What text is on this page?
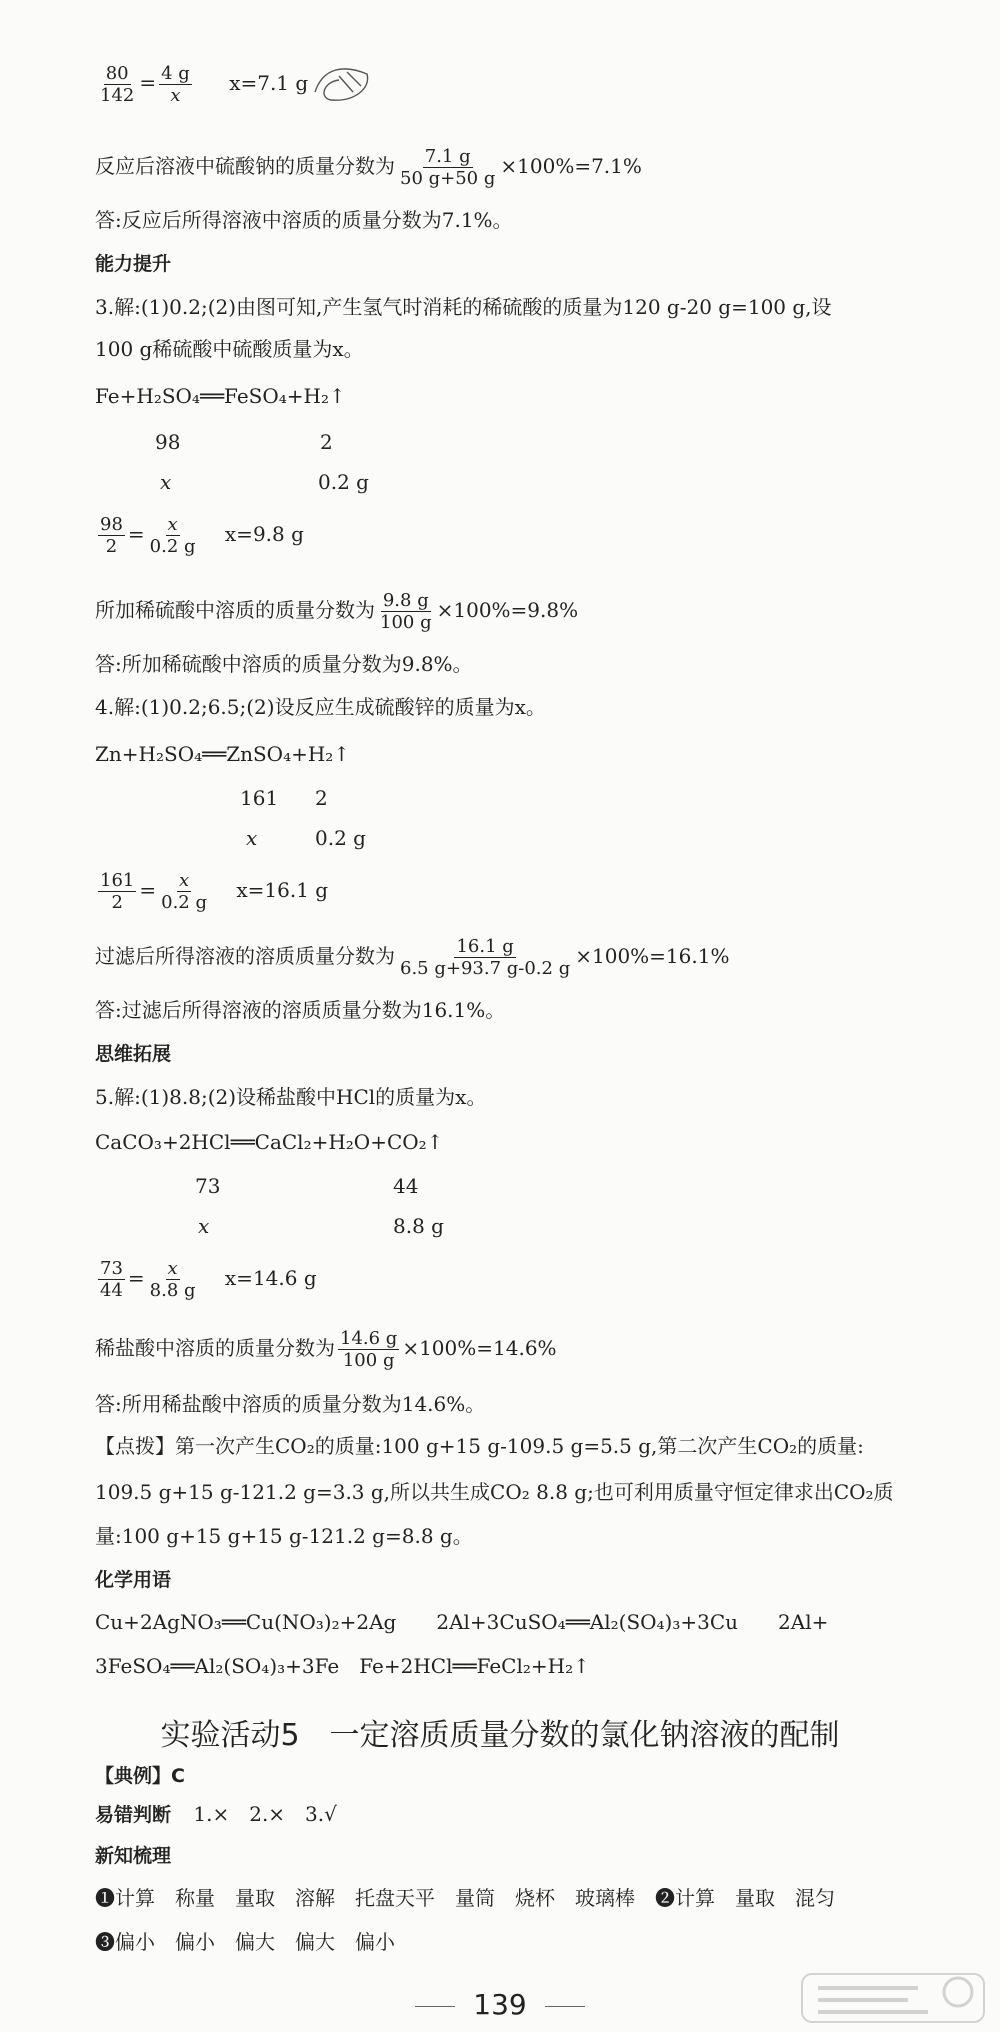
$\frac{80}{142} = \frac{4 g}{x} x=7.1$ g
反应后溶液中硫酸钠的质量分数为 $\frac{7.1 g}{50 g+50 g} \times 100\%=7.1\%$
答:反应后所得溶液中溶质的质量分数为7.1%。
能力提升
3.解:(1)0.2;(2)由图可知,产生氢气时消耗的稀硫酸的质量为120 g-20 g=100 g,设
100 g稀硫酸中硫酸质量为x。
Fe+H₂SO₄══FeSO₄+H₂↑
98	2
x	0.2 g
$\frac{98}{2} = \frac{x}{0.2 g} x=9.8$ g
所加稀硫酸中溶质的质量分数为 $\frac{9.8 g}{100 g} \times 100\%=9.8\%$
答:所加稀硫酸中溶质的质量分数为9.8%。
4.解:(1)0.2;6.5;(2)设反应生成硫酸锌的质量为x。
Zn+H₂SO₄══ZnSO₄+H₂↑
161 2
x	0.2 g
$\frac{161}{2} = \frac{x}{0.2 g} x=16.1$ g
过滤后所得溶液的溶质质量分数为 $\frac{16.1 g}{6.5 g+93.7 g-0.2 g} \times 100\%=16.1\%$
答:过滤后所得溶液的溶质质量分数为16.1%。
思维拓展
5.解:(1)8.8;(2)设稀盐酸中HCl的质量为x。
CaCO₃+2HCl══CaCl₂+H₂O+CO₂↑
73	44
x	8.8 g
$\frac{73}{44} = \frac{x}{8.8 g} x=14.6$ g
稀盐酸中溶质的质量分数为 $\frac{14.6 g}{100 g} \times 100\%=14.6\%$
答:所用稀盐酸中溶质的质量分数为14.6%。
【点拨】第一次产生CO₂的质量:100 g+15 g-109.5 g=5.5 g,第二次产生CO₂的质量:
109.5 g+15 g-121.2 g=3.3 g,所以共生成CO₂ 8.8 g;也可利用质量守恒定律求出CO₂质
量:100 g+15 g+15 g-121.2 g=8.8 g。
化学用语
Cu+2AgNO₃══Cu(NO₃)₂+2Ag　　2Al+3CuSO₄══Al₂(SO₄)₃+3Cu　　2Al+
3FeSO₄══Al₂(SO₄)₃+3Fe　Fe+2HCl══FeCl₂+H₂↑
实验活动5　一定溶质质量分数的氯化钠溶液的配制
【典例】C
易错判断 1.×　2.×　3.√
新知梳理
❶计算　称量　量取　溶解　托盘天平　量筒　烧杯　玻璃棒　❷计算　量取　混匀
❸偏小　偏小　偏大　偏大　偏小
139
